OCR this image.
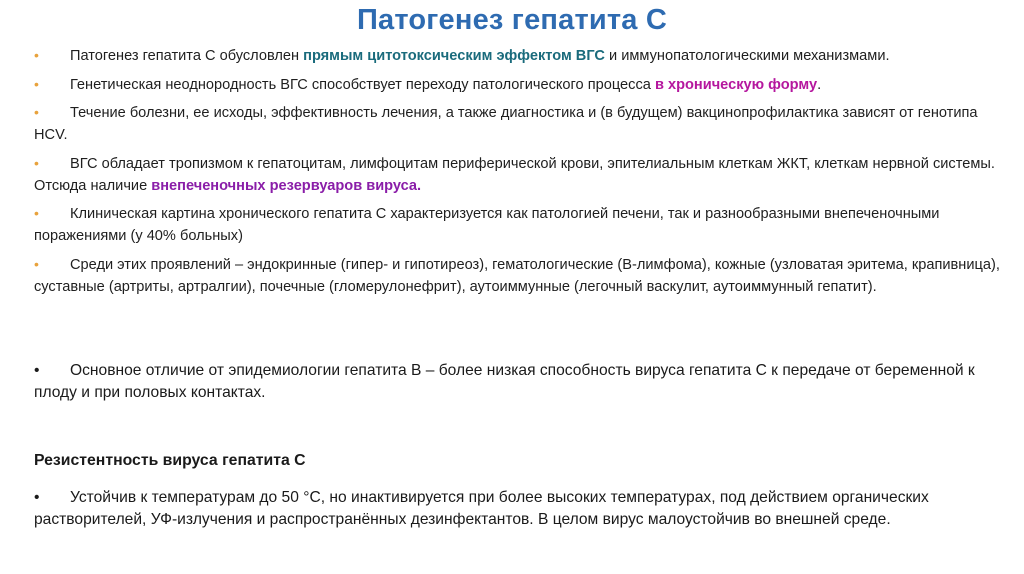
Патогенез гепатита С
• Патогенез гепатита С обусловлен прямым цитотоксическим эффектом ВГС и иммунопатологическими механизмами.
• Генетическая неоднородность ВГС способствует переходу патологического процесса в хроническую форму.
• Течение болезни, ее исходы, эффективность лечения, а также диагностика и (в будущем) вакцинопрофилактика зависят от генотипа HCV.
• ВГС обладает тропизмом к гепатоцитам, лимфоцитам периферической крови, эпителиальным клеткам ЖКТ, клеткам нервной системы. Отсюда наличие внепеченочных резервуаров вируса.
• Клиническая картина хронического гепатита С характеризуется как патологией печени, так и разнообразными внепеченочными поражениями (у 40% больных)
• Среди этих проявлений – эндокринные (гипер- и гипотиреоз), гематологические (В-лимфома), кожные (узловатая эритема, крапивница), суставные (артриты, артралгии), почечные (гломерулонефрит), аутоиммунные (легочный васкулит, аутоиммунный гепатит).
• Основное отличие от эпидемиологии гепатита В – более низкая способность вируса гепатита С к передаче от беременной к плоду и при половых контактах.
Резистентность вируса гепатита С
• Устойчив к температурам до 50 °С, но инактивируется при более высоких температурах, под действием органических растворителей, УФ-излучения и распространённых дезинфектантов. В целом вирус малоустойчив во внешней среде.
